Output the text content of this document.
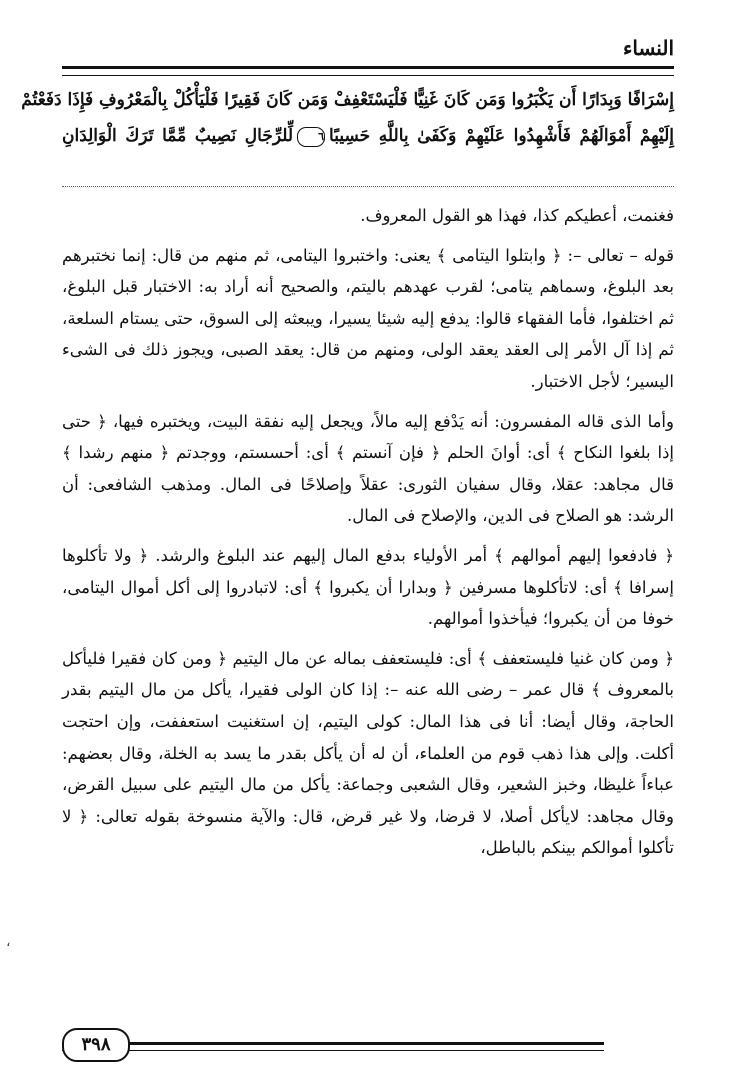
النساء
إِسْرَافًا وَبِدَارًا أَن يَكْبَرُوا وَمَن كَانَ غَنِيًّا فَلْيَسْتَعْفِفْ وَمَن كَانَ فَقِيرًا فَلْيَأْكُلْ بِالْمَعْرُوفِ فَإِذَا دَفَعْتُمْ
إِلَيْهِمْ أَمْوَالَهُمْ فَأَشْهِدُوا عَلَيْهِمْ وَكَفَىٰ بِاللَّهِ حَسِيبًا٦لِّلرِّجَالِ نَصِيبٌ مِّمَّا تَرَكَ الْوَالِدَانِ

فغنمت، أعطيكم كذا، فهذا هو القول المعروف.

قوله – تعالى –: ﴿ وابتلوا اليتامى ﴾ يعنى: واختبروا اليتامى، ثم منهم من قال: إنما نختبرهم بعد البلوغ، وسماهم يتامى؛ لقرب عهدهم باليتم، والصحيح أنه أراد به: الاختبار قبل البلوغ، ثم اختلفوا، فأما الفقهاء قالوا: يدفع إليه شيئا يسيرا، ويبعثه إلى السوق، حتى يستام السلعة، ثم إذا آل الأمر إلى العقد يعقد الولى، ومنهم من قال: يعقد الصبى، ويجوز ذلك فى الشىء اليسير؛ لأجل الاختبار.

وأما الذى قاله المفسرون: أنه يَدْفع إليه مالاً، ويجعل إليه نفقة البيت، ويختبره فيها، ﴿ حتى إذا بلغوا النكاح ﴾ أى: أوانَ الحلم ﴿ فإن آنستم ﴾ أى: أحسستم، ووجدتم ﴿ منهم رشدا ﴾ قال مجاهد: عقلا، وقال سفيان الثورى: عقلاً وإصلاحًا فى المال. ومذهب الشافعى: أن الرشد: هو الصلاح فى الدين، والإصلاح فى المال.

﴿ فادفعوا إليهم أموالهم ﴾ أمر الأولياء بدفع المال إليهم عند البلوغ والرشد. ﴿ ولا تأكلوها إسرافا ﴾ أى: لاتأكلوها مسرفين ﴿ وبدارا أن يكبروا ﴾ أى: لاتبادروا إلى أكل أموال اليتامى، خوفا من أن يكبروا؛ فيأخذوا أموالهم.

﴿ ومن كان غنيا فليستعفف ﴾ أى: فليستعفف بماله عن مال اليتيم ﴿ ومن كان فقيرا فليأكل بالمعروف ﴾ قال عمر – رضى الله عنه –: إذا كان الولى فقيرا، يأكل من مال اليتيم بقدر الحاجة، وقال أيضا: أنا فى هذا المال: كولى اليتيم، إن استغنيت استعففت، وإن احتجت أكلت. وإلى هذا ذهب قوم من العلماء، أن له أن يأكل بقدر ما يسد به الخلة، وقال بعضهم: عباءاً غليظا، وخبز الشعير، وقال الشعبى وجماعة: يأكل من مال اليتيم على سبيل القرض، وقال مجاهد: لايأكل أصلا، لا قرضا، ولا غير قرض، قال: والآية منسوخة بقوله تعالى: ﴿ لا تأكلوا أموالكم بينكم بالباطل،

،
٣٩٨
